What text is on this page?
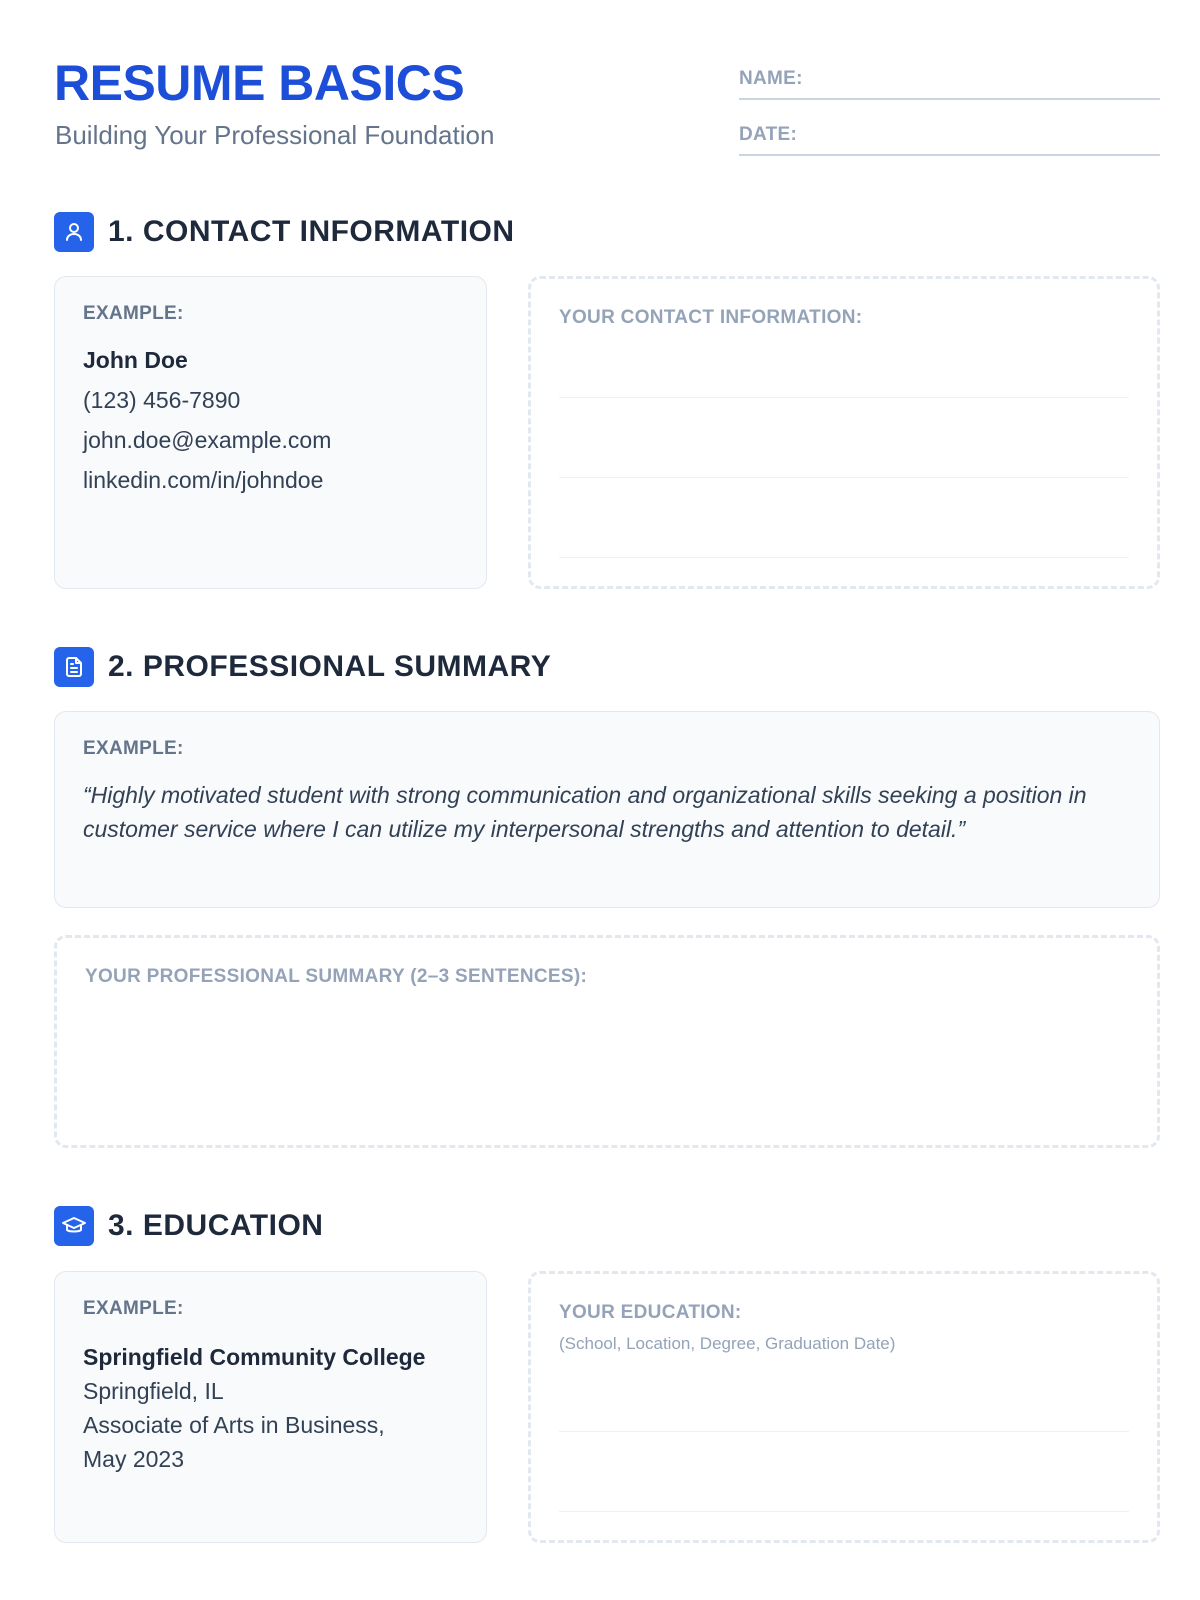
RESUME BASICS

Building Your Professional Foundation

NAME:
DATE:
1. CONTACT INFORMATION

EXAMPLE:

John Doe

(123) 456-7890

john.doe@example.com

linkedin.com/in/johndoe

YOUR CONTACT INFORMATION:

2. PROFESSIONAL SUMMARY

EXAMPLE:

“Highly motivated student with strong communication and organizational skills seeking a position in customer service where I can utilize my interpersonal strengths and attention to detail.”

YOUR PROFESSIONAL SUMMARY (2–3 SENTENCES):

3. EDUCATION

EXAMPLE:

Springfield Community College

Springfield, IL

Associate of Arts in Business,

May 2023

YOUR EDUCATION:

(School, Location, Degree, Graduation Date)
